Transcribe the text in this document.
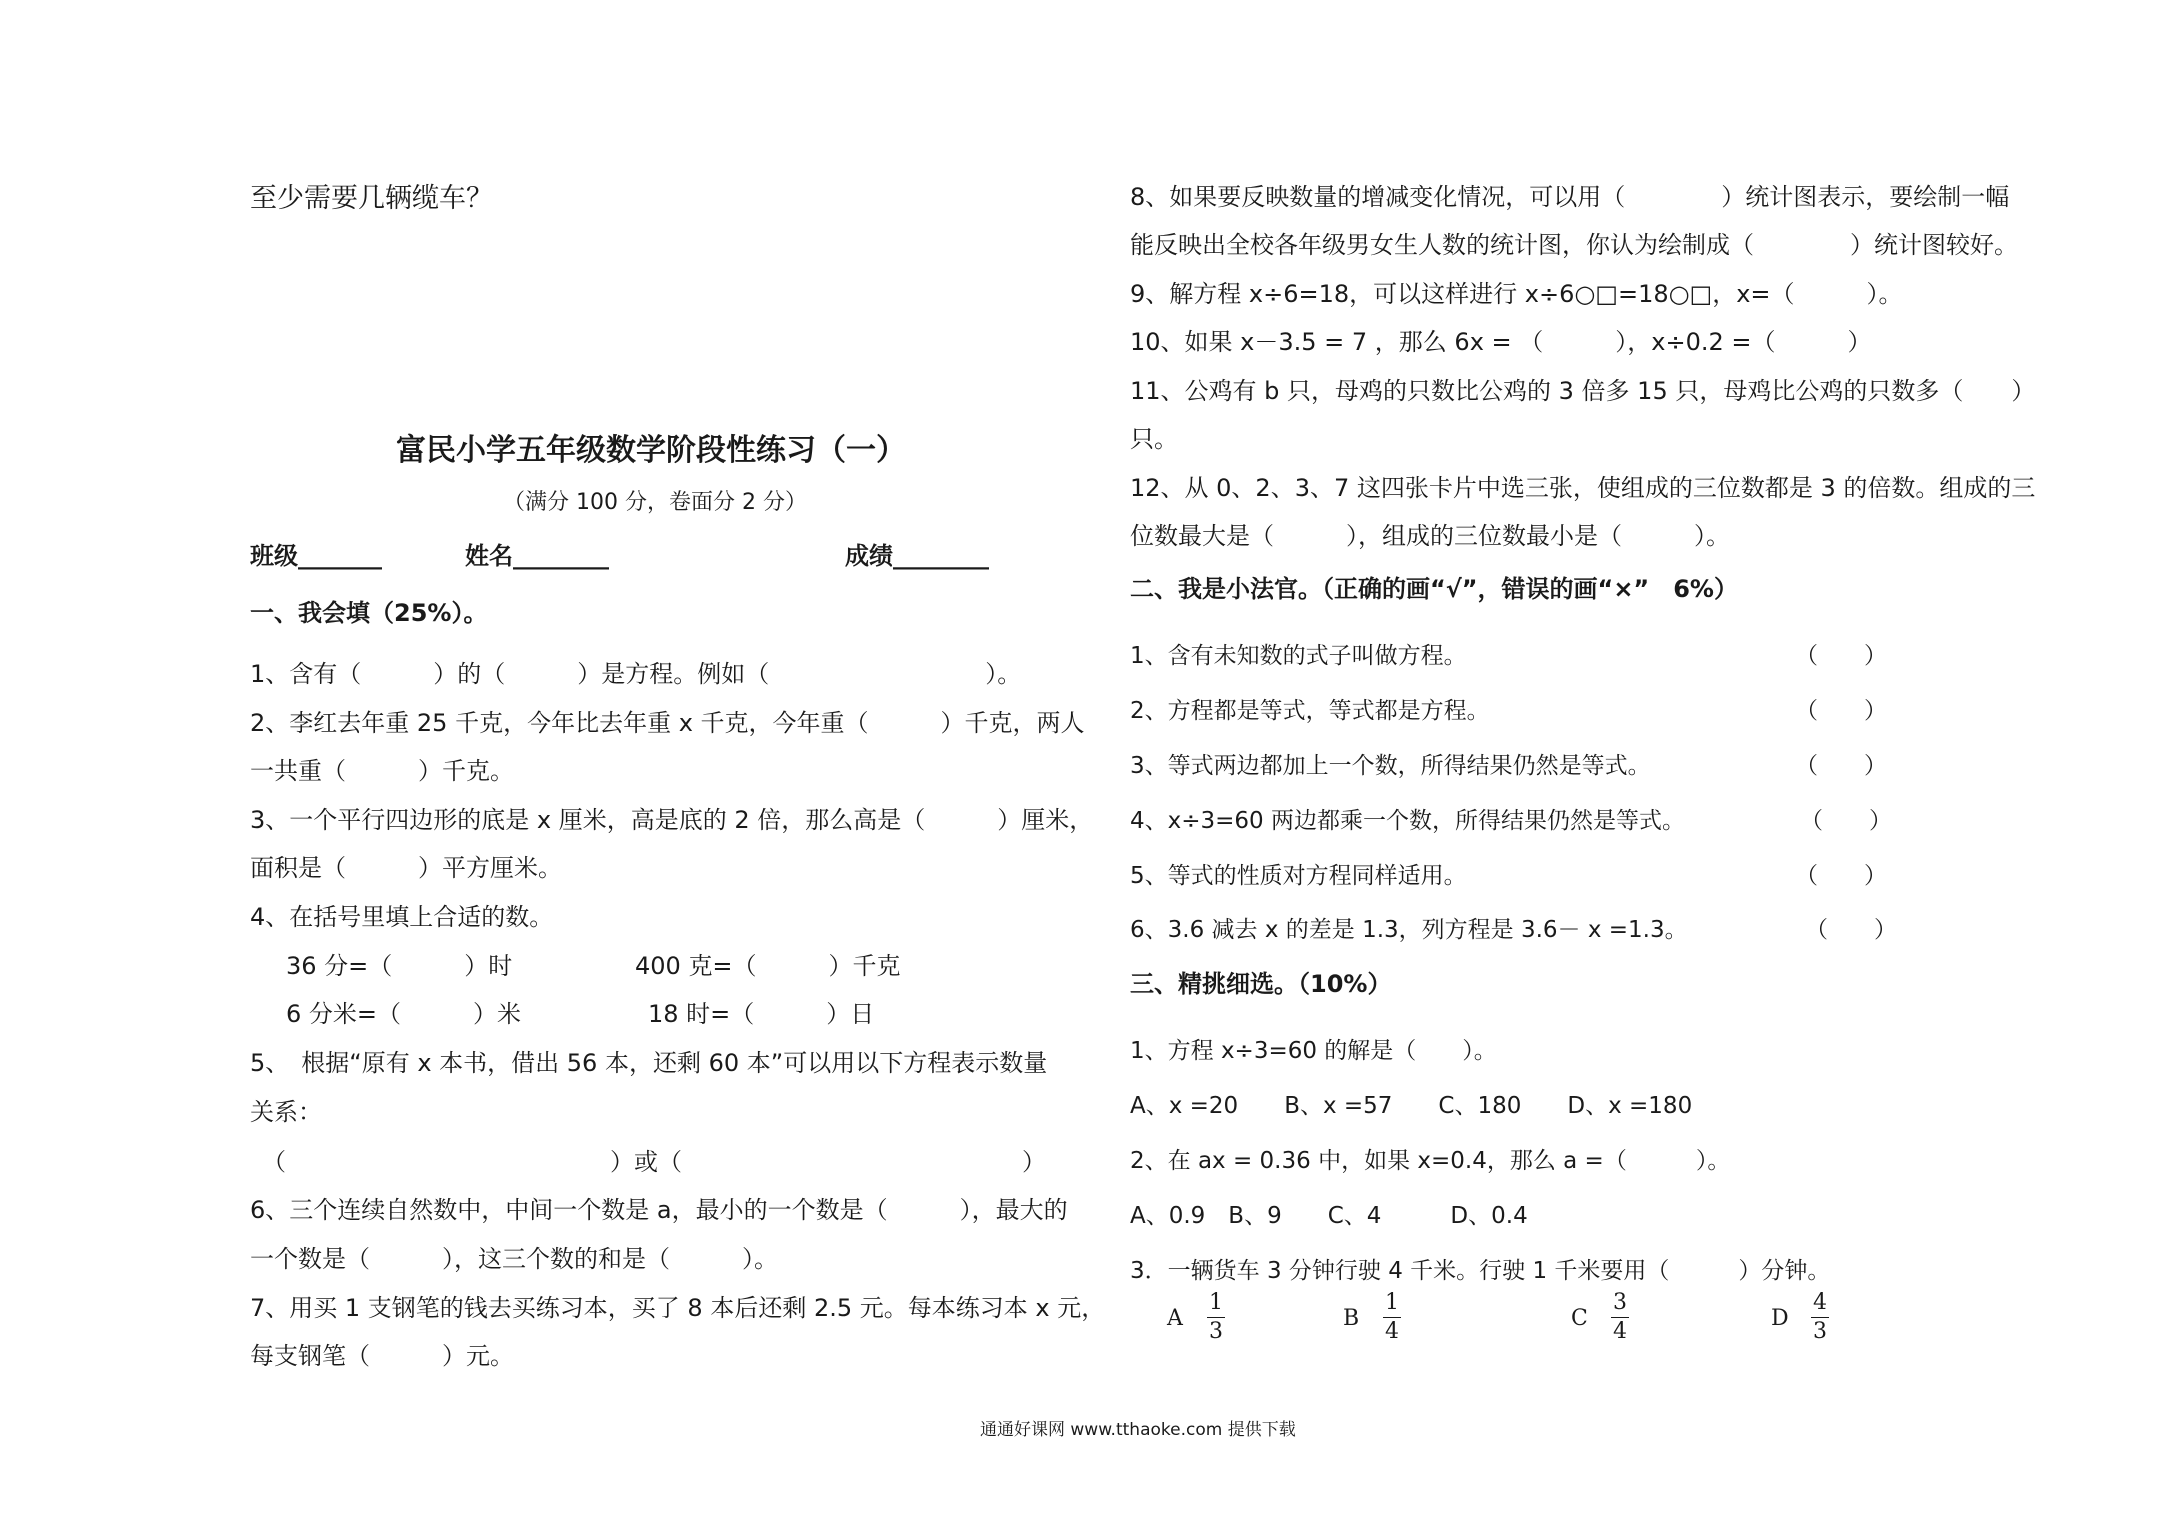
至少需要几辆缆车？
富民小学五年级数学阶段性练习（一）
（满分 100 分，卷面分 2 分）
班级_______	姓名________	成绩________
一、我会填（25%）。
1、含有（　　　）的（　　　）是方程。例如（　　　　　　　　　）。
2、李红去年重 25 千克，今年比去年重 x 千克，今年重（　　　）千克，两人
一共重（　　　）千克。
3、一个平行四边形的底是 x 厘米，高是底的 2 倍，那么高是（　　　）厘米，
面积是（　　　）平方厘米。
4、在括号里填上合适的数。
36 分=（　　　）时	400 克=（　　　）千克
6 分米=（　　　）米	18 时=（　　　）日
5、　根据“原有 x 本书，借出 56 本，还剩 60 本”可以用以下方程表示数量
关系：
（	）或（	）
6、三个连续自然数中，中间一个数是 a，最小的一个数是（　　　），最大的
一个数是（　　　），这三个数的和是（　　　）。
7、用买 1 支钢笔的钱去买练习本，买了 8 本后还剩 2.5 元。每本练习本 x 元，
每支钢笔（　　　）元。
8、如果要反映数量的增减变化情况，可以用（　　　　）统计图表示，要绘制一幅
能反映出全校各年级男女生人数的统计图，你认为绘制成（　　　　）统计图较好。
9、解方程 x÷6=18，可以这样进行 x÷6○□=18○□，x=（　　　）。
10、如果 x－3.5 = 7 ，那么 6x = （　　　），x÷0.2 =（　　　）
11、公鸡有 b 只，母鸡的只数比公鸡的 3 倍多 15 只，母鸡比公鸡的只数多（　　）
只。
12、从 0、2、3、7 这四张卡片中选三张，使组成的三位数都是 3 的倍数。组成的三
位数最大是（　　　），组成的三位数最小是（　　　）。
二、我是小法官。（正确的画“√”，错误的画“×”　6%）
1、含有未知数的式子叫做方程。	（　　）
2、方程都是等式，等式都是方程。	（　　）
3、等式两边都加上一个数，所得结果仍然是等式。	（　　）
4、x÷3=60 两边都乘一个数，所得结果仍然是等式。	（　　）
5、等式的性质对方程同样适用。	（　　）
6、3.6 减去 x 的差是 1.3，列方程是 3.6－ x =1.3。	（　　）
三、精挑细选。（10%）
1、方程 x÷3=60 的解是（　　）。
A、x =20　　B、x =57　　C、180　　D、x =180
2、在 ax = 0.36 中，如果 x=0.4，那么 a =（　　　）。
A、0.9　B、9　　C、4　　　D、0.4
3．一辆货车 3 分钟行驶 4 千米。行驶 1 千米要用（　　　）分钟。
A
1
3
B
1
4
C
3
4
D
4
3
通通好课网 www.tthaoke.com 提供下载
